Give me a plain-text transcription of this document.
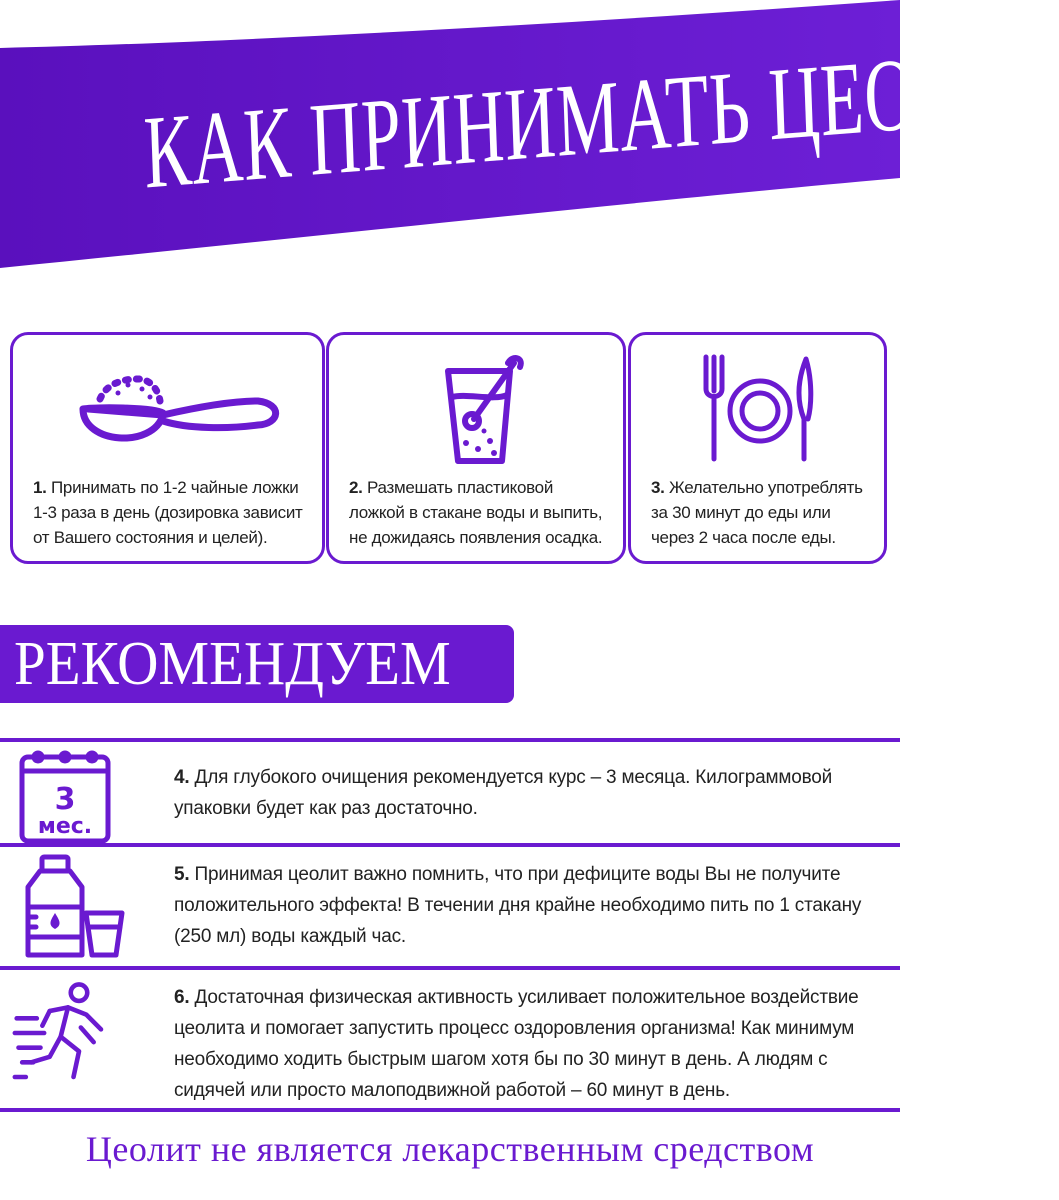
КАК ПРИНИМАТЬ ЦЕОЛИТ
1. Принимать по 1-2 чайные ложки 1-3 раза в день (дозировка зависит от Вашего состояния и целей).
2. Размешать пластиковой ложкой в стакане воды и выпить, не дожидаясь появления осадка.
3. Желательно употреблять за 30 минут до еды или через 2 часа после еды.
РЕКОМЕНДУЕМ
3
мес.
4. Для глубокого очищения рекомендуется курс – 3 месяца. Килограммовой упаковки будет как раз достаточно.
5. Принимая цеолит важно помнить, что при дефиците воды Вы не получите положительного эффекта! В течении дня крайне необходимо пить по 1 стакану (250 мл) воды каждый час.
6. Достаточная физическая активность усиливает положительное воздействие цеолита и помогает запустить процесс оздоровления организма! Как минимум необходимо ходить быстрым шагом хотя бы по 30 минут в день. А людям с сидячей или просто малоподвижной работой – 60 минут в день.
Цеолит не является лекарственным средством
